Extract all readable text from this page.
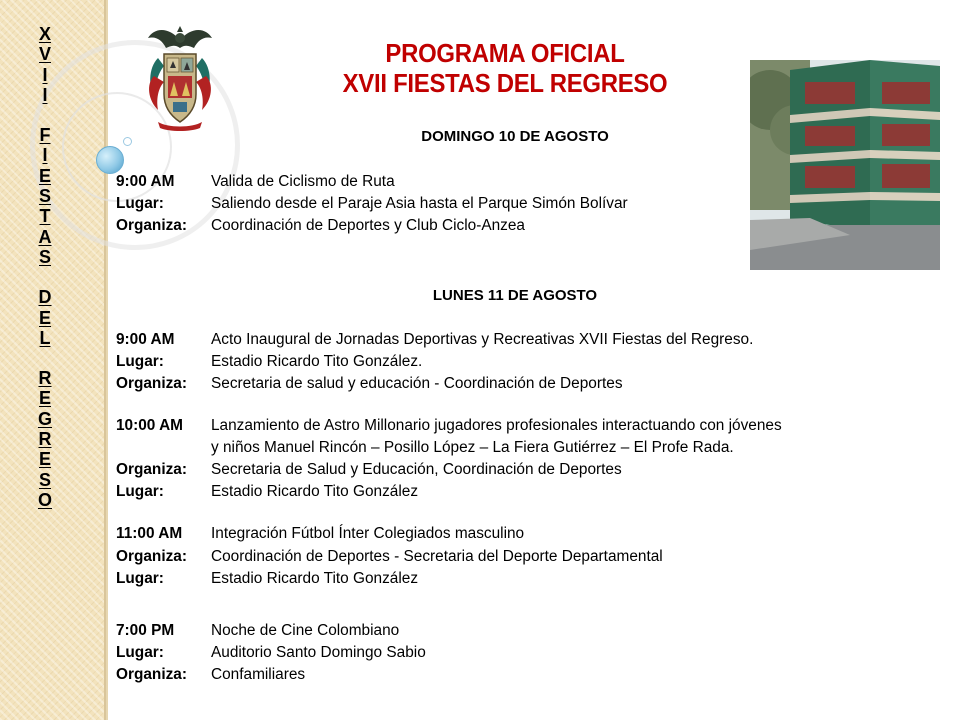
X
V
I
I
F
I
E
S
T
A
S
D
E
L
R
E
G
R
E
S
O
PROGRAMA OFICIAL
XVII FIESTAS DEL REGRESO
DOMINGO 10 DE AGOSTO
9:00 AM Valida de Ciclismo de Ruta
Lugar:	Saliendo desde el Paraje Asia hasta el Parque Simón Bolívar
Organiza: Coordinación de Deportes y Club Ciclo-Anzea
LUNES 11 DE AGOSTO
9:00 AM Acto Inaugural de Jornadas Deportivas y Recreativas XVII Fiestas del Regreso.
Lugar:	Estadio Ricardo Tito González.
Organiza: Secretaria de salud y educación - Coordinación de Deportes
10:00 AM Lanzamiento de Astro Millonario jugadores profesionales interactuando con jóvenes
y niños Manuel Rincón – Posillo López – La Fiera Gutiérrez – El Profe Rada.
Organiza: Secretaria de Salud y Educación, Coordinación de Deportes
Lugar:	Estadio Ricardo Tito González
11:00 AM Integración Fútbol Ínter Colegiados masculino
Organiza: Coordinación de Deportes - Secretaria del Deporte Departamental
Lugar:	Estadio Ricardo Tito González
7:00 PM Noche de Cine Colombiano
Lugar:	Auditorio Santo Domingo Sabio
Organiza: Confamiliares
